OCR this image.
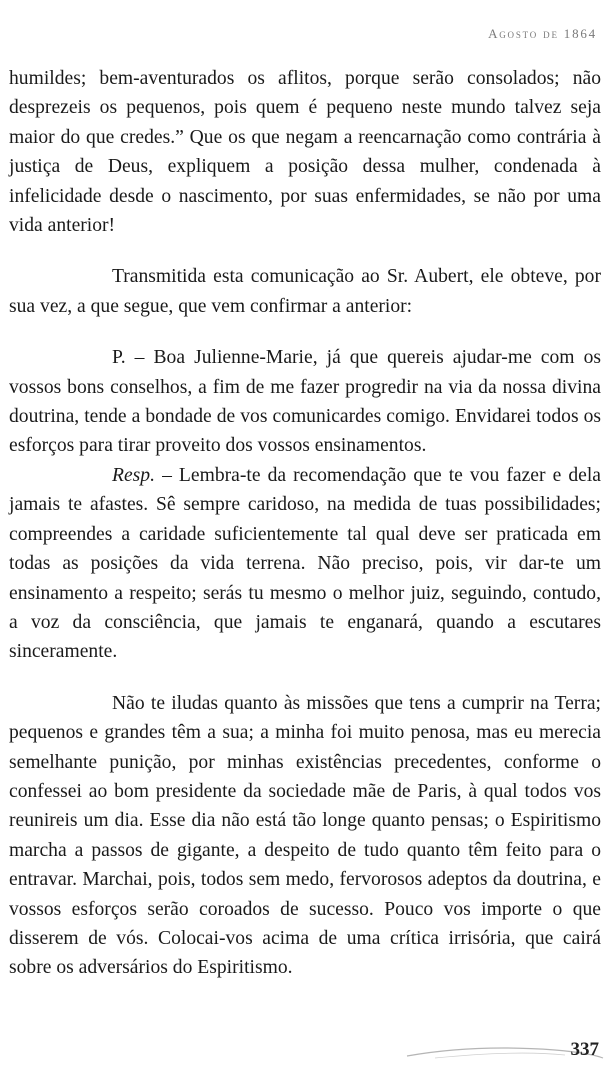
Agosto de 1864

humildes; bem-aventurados os aflitos, porque serão consolados; não desprezeis os pequenos, pois quem é pequeno neste mundo talvez seja maior do que credes.” Que os que negam a reencarnação como contrária à justiça de Deus, expliquem a posição dessa mulher, condenada à infelicidade desde o nascimento, por suas enfermidades, se não por uma vida anterior!

Transmitida esta comunicação ao Sr. Aubert, ele obteve, por sua vez, a que segue, que vem confirmar a anterior:

P. – Boa Julienne-Marie, já que quereis ajudar-me com os vossos bons conselhos, a fim de me fazer progredir na via da nossa divina doutrina, tende a bondade de vos comunicardes comigo. Envidarei todos os esforços para tirar proveito dos vossos ensinamentos.

Resp. – Lembra-te da recomendação que te vou fazer e dela jamais te afastes. Sê sempre caridoso, na medida de tuas possibilidades; compreendes a caridade suficientemente tal qual deve ser praticada em todas as posições da vida terrena. Não preciso, pois, vir dar-te um ensinamento a respeito; serás tu mesmo o melhor juiz, seguindo, contudo, a voz da consciência, que jamais te enganará, quando a escutares sinceramente.

Não te iludas quanto às missões que tens a cumprir na Terra; pequenos e grandes têm a sua; a minha foi muito penosa, mas eu merecia semelhante punição, por minhas existências precedentes, conforme o confessei ao bom presidente da sociedade mãe de Paris, à qual todos vos reunireis um dia. Esse dia não está tão longe quanto pensas; o Espiritismo marcha a passos de gigante, a despeito de tudo quanto têm feito para o entravar. Marchai, pois, todos sem medo, fervorosos adeptos da doutrina, e vossos esforços serão coroados de sucesso. Pouco vos importe o que disserem de vós. Colocai-vos acima de uma crítica irrisória, que cairá sobre os adversários do Espiritismo.

337
